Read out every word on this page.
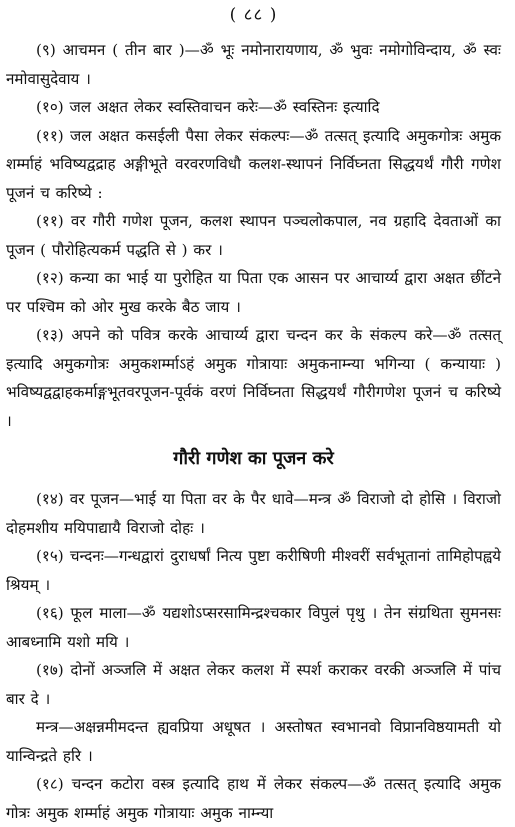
( ८८ )

(९) आचमन ( तीन बार )—ॐ भूः नमोनारायणाय, ॐ भुवः नमोगोविन्दाय, ॐ स्वः नमोवासुदेवाय ।

(१०) जल अक्षत लेकर स्वस्तिवाचन करेः—ॐ स्वस्तिनः इत्यादि

(११) जल अक्षत कसईली पैसा लेकर संकल्पः—ॐ तत्सत् इत्यादि अमुकगोत्रः अमुक शर्म्माहं भविष्यद्वद्राह अङ्गीभूते वरवरणविधौ कलश-स्थापनं निर्विघ्नता सिद्धयर्थं गौरी गणेश पूजनं च करिष्ये :

(११) वर गौरी गणेश पूजन, कलश स्थापन पञ्चलोकपाल, नव ग्रहादि देवताओं का पूजन ( पौरोहित्यकर्म पद्धति से ) कर ।

(१२) कन्या का भाई या पुरोहित या पिता एक आसन पर आचार्य्य द्वारा अक्षत छींटने पर पश्चिम को ओर मुख करके बैठ जाय ।

(१३) अपने को पवित्र करके आचार्य्य द्वारा चन्दन कर के संकल्प करे—ॐ तत्सत् इत्यादि अमुकगोत्रः अमुकशर्म्माऽहं अमुक गोत्रायाः अमुकनाम्न्या भगिन्या ( कन्यायाः ) भविष्यद्वद्वाहकर्माङ्गभूतवरपूजन-पूर्वकं वरणं निर्विघ्नता सिद्धयर्थं गौरीगणेश पूजनं च करिष्ये ।

गौरी गणेश का पूजन करे

(१४) वर पूजन—भाई या पिता वर के पैर धावे—मन्त्र ॐ विराजो दो होसि । विराजो दोहमशीय मयिपाद्यायै विराजो दोहः ।

(१५) चन्दनः—गन्धद्वारां दुराधर्षां नित्य पुष्टा करीषिणी मीश्वरीं सर्वभूतानां तामिहोपह्वये श्रियम् ।

(१६) फूल माला—ॐ यद्यशोऽप्सरसामिन्द्रश्चकार विपुलं पृथु । तेन संग्रथिता सुमनसः आबध्नामि यशो मयि ।

(१७) दोनों अञ्जलि में अक्षत लेकर कलश में स्पर्श कराकर वरकी अञ्जलि में पांच बार दे ।

मन्त्र—अक्षन्नमीमदन्त ह्यवप्रिया अधूषत । अस्तोषत स्वभानवो विप्रानविष्ठयामती यो यान्विन्द्रते हरि ।

(१८) चन्दन कटोरा वस्त्र इत्यादि हाथ में लेकर संकल्प—ॐ तत्सत् इत्यादि अमुक गोत्रः अमुक शर्म्माहं अमुक गोत्रायाः अमुक नाम्न्या
